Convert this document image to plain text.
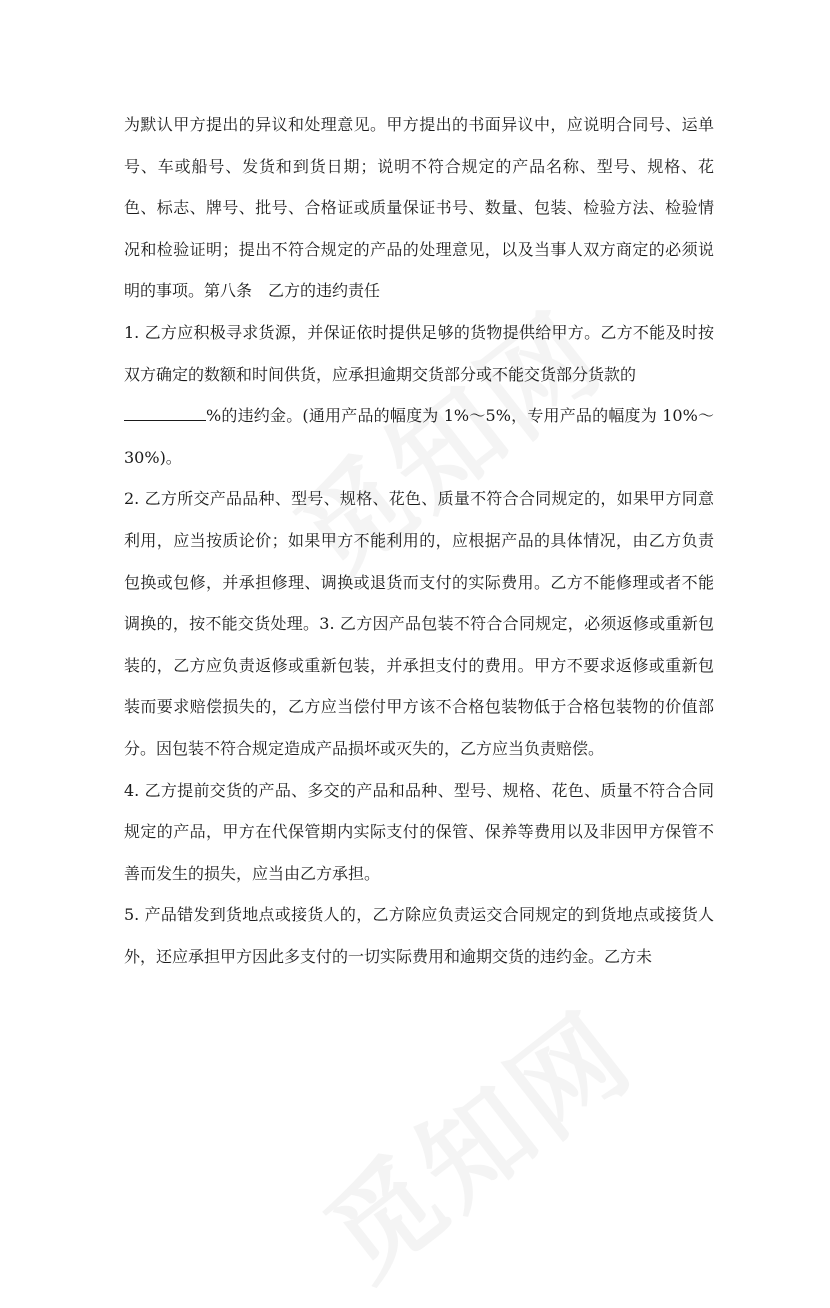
为默认甲方提出的异议和处理意见。甲方提出的书面异议中，应说明合同号、运单号、车或船号、发货和到货日期；说明不符合规定的产品名称、型号、规格、花色、标志、牌号、批号、合格证或质量保证书号、数量、包装、检验方法、检验情况和检验证明；提出不符合规定的产品的处理意见，以及当事人双方商定的必须说明的事项。第八条　乙方的违约责任

1. 乙方应积极寻求货源，并保证依时提供足够的货物提供给甲方。乙方不能及时按双方确定的数额和时间供货，应承担逾期交货部分或不能交货部分货款的
%的违约金。(通用产品的幅度为 1%～5%，专用产品的幅度为 10%～30%)。

2. 乙方所交产品品种、型号、规格、花色、质量不符合合同规定的，如果甲方同意利用，应当按质论价；如果甲方不能利用的，应根据产品的具体情况，由乙方负责包换或包修，并承担修理、调换或退货而支付的实际费用。乙方不能修理或者不能调换的，按不能交货处理。3. 乙方因产品包装不符合合同规定，必须返修或重新包装的，乙方应负责返修或重新包装，并承担支付的费用。甲方不要求返修或重新包装而要求赔偿损失的，乙方应当偿付甲方该不合格包装物低于合格包装物的价值部分。因包装不符合规定造成产品损坏或灭失的，乙方应当负责赔偿。

4. 乙方提前交货的产品、多交的产品和品种、型号、规格、花色、质量不符合合同规定的产品，甲方在代保管期内实际支付的保管、保养等费用以及非因甲方保管不善而发生的损失，应当由乙方承担。

5. 产品错发到货地点或接货人的，乙方除应负责运交合同规定的到货地点或接货人外，还应承担甲方因此多支付的一切实际费用和逾期交货的违约金。乙方未
